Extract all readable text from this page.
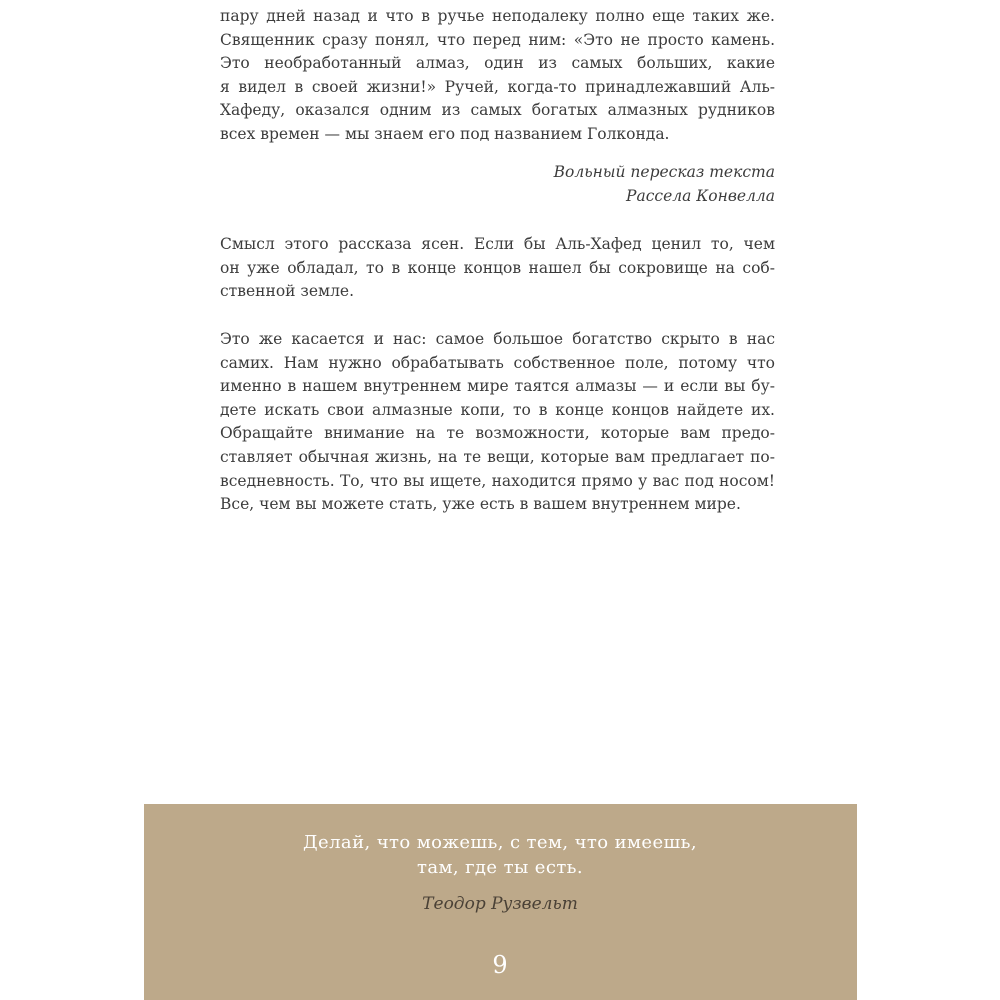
пару дней назад и что в ручье неподалеку полно еще таких же.
Священник сразу понял, что перед ним: «Это не просто камень.
Это необработанный алмаз, один из самых больших, какие
я видел в своей жизни!» Ручей, когда-то принадлежавший Аль-
Хафеду, оказался одним из самых богатых алмазных рудников
всех времен — мы знаем его под названием Голконда.
Вольный пересказ текста
Рассела Конвелла
Смысл этого рассказа ясен. Если бы Аль-Хафед ценил то, чем
он уже обладал, то в конце концов нашел бы сокровище на соб-
ственной земле.
Это же касается и нас: самое большое богатство скрыто в нас
самих. Нам нужно обрабатывать собственное поле, потому что
именно в нашем внутреннем мире таятся алмазы — и если вы бу-
дете искать свои алмазные копи, то в конце концов найдете их.
Обращайте внимание на те возможности, которые вам предо-
ставляет обычная жизнь, на те вещи, которые вам предлагает по-
вседневность. То, что вы ищете, находится прямо у вас под носом!
Все, чем вы можете стать, уже есть в вашем внутреннем мире.
Делай, что можешь, с тем, что имеешь,
там, где ты есть.
Теодор Рузвельт
9
